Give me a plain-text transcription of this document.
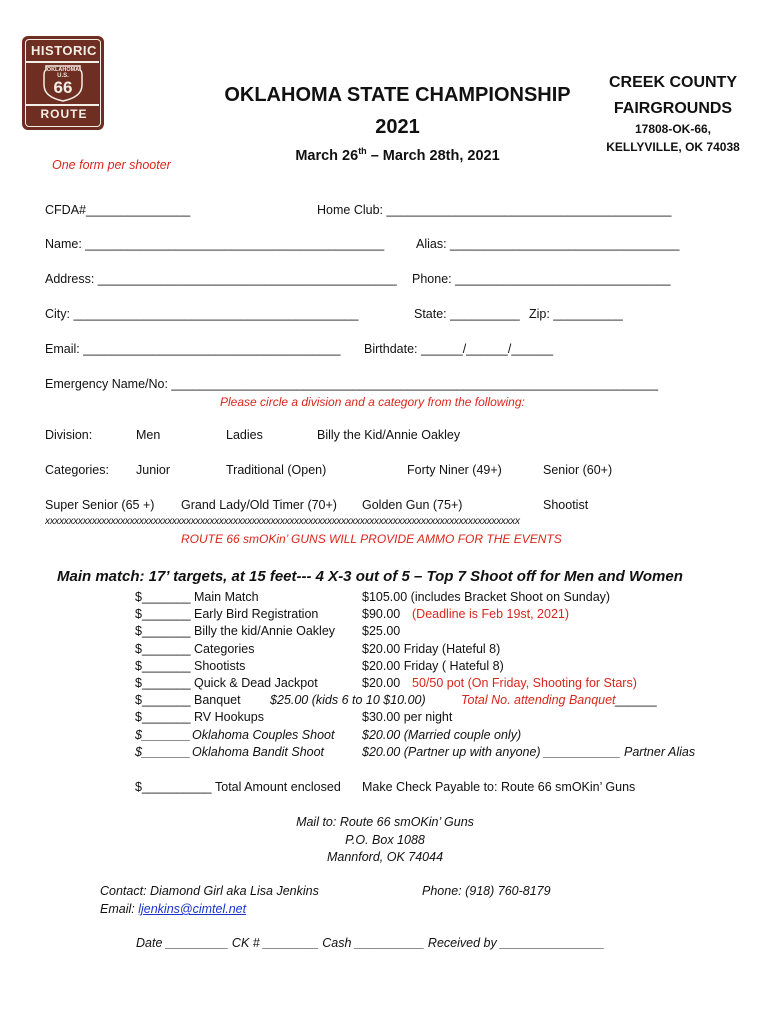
HISTORIC
OKLAHOMA
U.S.
66
ROUTE
OKLAHOMA STATE CHAMPIONSHIP
2021
March 26th – March 28th, 2021
One form per shooter
CREEK COUNTY
FAIRGROUNDS
17808-OK-66,
KELLYVILLE, OK 74038
CFDA#_______________	Home Club: _________________________________________
Name: ___________________________________________	Alias: _________________________________
Address: ___________________________________________ Phone: _______________________________
City: _________________________________________	State: __________ Zip: __________
Email: _____________________________________ Birthdate: ______/______/______
Emergency Name/No: ______________________________________________________________________
Please circle a division and a category from the following:
Division:	Men	Ladies	Billy the Kid/Annie Oakley
Categories: Junior	Traditional (Open)	Forty Niner (49+)	Senior (60+)
Super Senior (65 +) Grand Lady/Old Timer (70+) Golden Gun (75+)	Shootist
xxxxxxxxxxxxxxxxxxxxxxxxxxxxxxxxxxxxxxxxxxxxxxxxxxxxxxxxxxxxxxxxxxxxxxxxxxxxxxxxxxxxxxxxxxxxxxxxxxxxx
ROUTE 66 smOKin’ GUNS WILL PROVIDE AMMO FOR THE EVENTS
Main match: 17’ targets, at 15 feet--- 4 X-3 out of 5 – Top 7 Shoot off for Men and Women
$_______ Main Match	$105.00 (includes Bracket Shoot on Sunday)
$_______ Early Bird Registration	$90.00 (Deadline is Feb 19st, 2021)
$_______ Billy the kid/Annie Oakley $25.00
$_______ Categories	$20.00 Friday (Hateful 8)
$_______ Shootists	$20.00 Friday ( Hateful 8)
$_______ Quick & Dead Jackpot	$20.00 50/50 pot (On Friday, Shooting for Stars)
$_______ Banquet $25.00 (kids 6 to 10 $10.00)	Total No. attending Banquet ______
$_______ RV Hookups	$30.00 per night
$_______ Oklahoma Couples Shoot $20.00 (Married couple only)
$_______ Oklahoma Bandit Shoot	$20.00 (Partner up with anyone) ___________ Partner Alias
$__________ Total Amount enclosed Make Check Payable to: Route 66 smOKin’ Guns
Mail to: Route 66 smOKin’ Guns
P.O. Box 1088
Mannford, OK 74044
Contact: Diamond Girl aka Lisa Jenkins	Phone: (918) 760-8179
Email: ljenkins@cimtel.net
Date _________ CK # ________ Cash __________ Received by _______________
